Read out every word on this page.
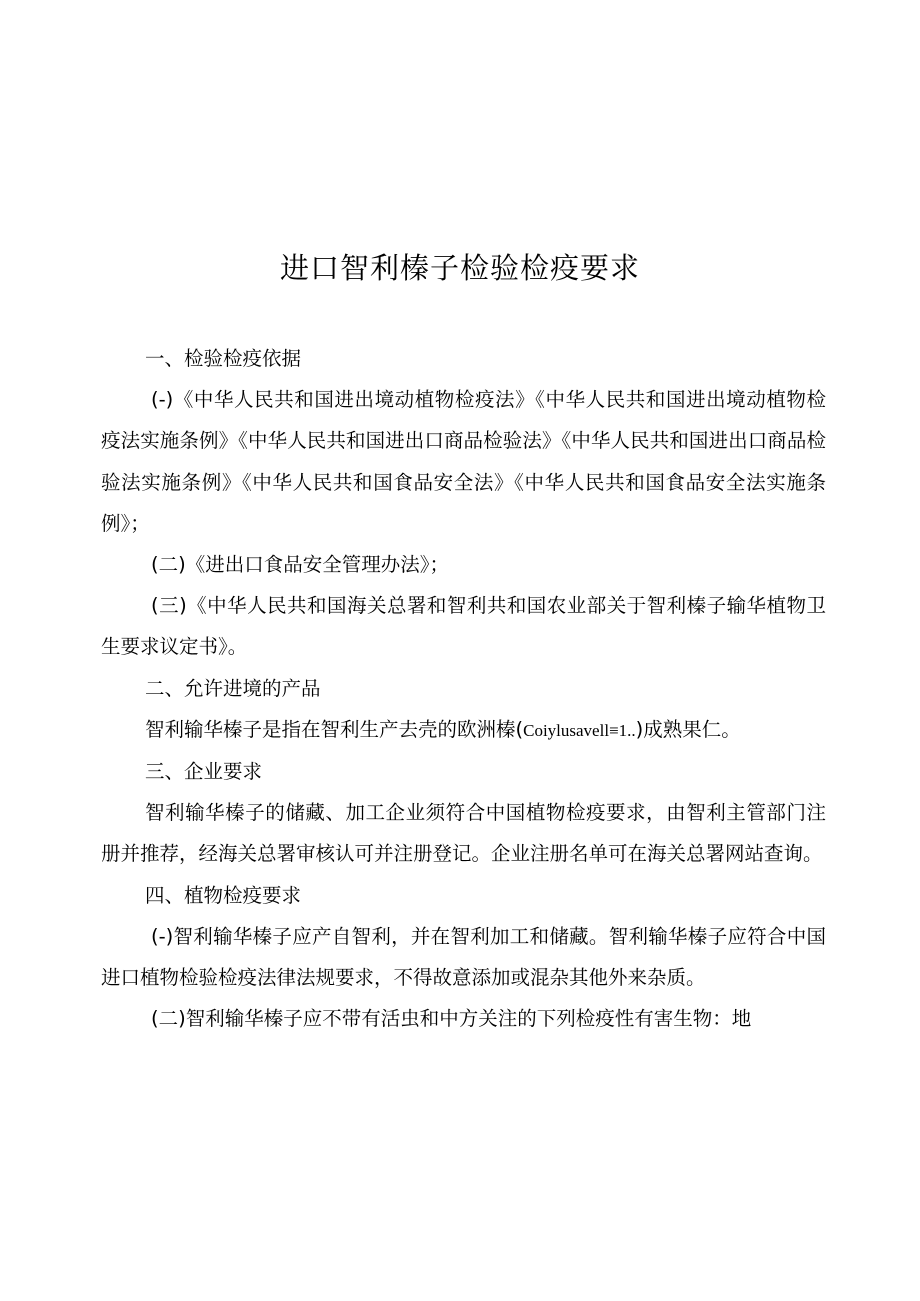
进口智利榛子检验检疫要求

一、检验检疫依据

(-)《中华人民共和国进出境动植物检疫法》《中华人民共和国进出境动植物检疫法实施条例》《中华人民共和国进出口商品检验法》《中华人民共和国进出口商品检验法实施条例》《中华人民共和国食品安全法》《中华人民共和国食品安全法实施条例》；

(二)《进出口食品安全管理办法》；

(三)《中华人民共和国海关总署和智利共和国农业部关于智利榛子输华植物卫生要求议定书》。

二、允许进境的产品

智利输华榛子是指在智利生产去壳的欧洲榛(Coiylusavell≡1..)成熟果仁。

三、企业要求

智利输华榛子的储藏、加工企业须符合中国植物检疫要求，由智利主管部门注册并推荐，经海关总署审核认可并注册登记。企业注册名单可在海关总署网站查询。

四、植物检疫要求

(-)智利输华榛子应产自智利，并在智利加工和储藏。智利输华榛子应符合中国进口植物检验检疫法律法规要求，不得故意添加或混杂其他外来杂质。

(二)智利输华榛子应不带有活虫和中方关注的下列检疫性有害生物：地
